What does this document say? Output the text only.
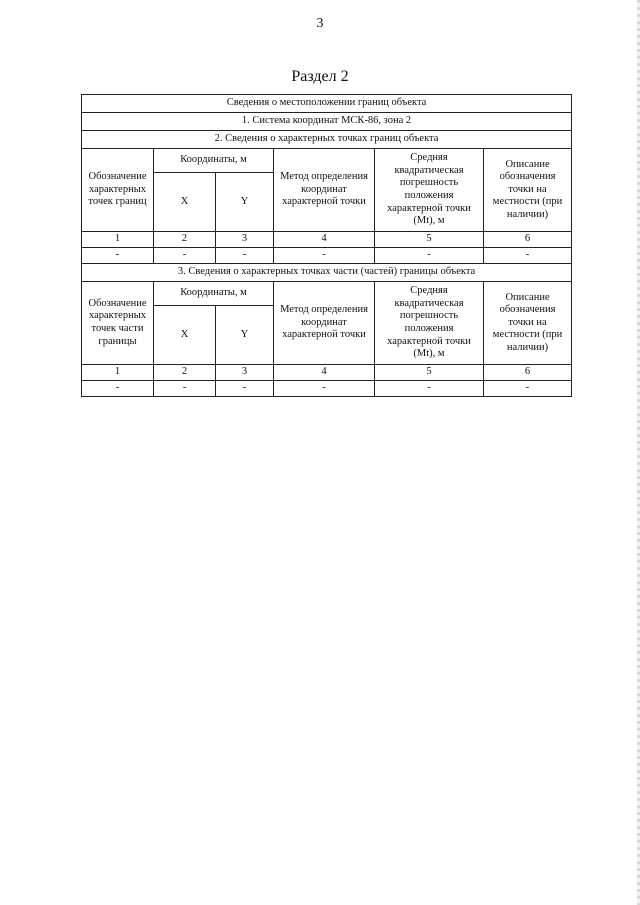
3
Раздел 2
Сведения о местоположении границ объекта					
1. Система координат МСК-86, зона 2					
2. Сведения о характерных точках границ объекта					
Обозначение характерных точек границ	Координаты, м		Метод определения координат характерной точки	Средняя квадратическая погрешность положения характерной точки (Mt), м	Описание обозначения точки на местности (при наличии)
	X	Y			
1	2	3	4	5	6
-	-	-	-	-	-
3. Сведения о характерных точках части (частей) границы объекта					
Обозначение характерных точек части границы	Координаты, м		Метод определения координат характерной точки	Средняя квадратическая погрешность положения характерной точки (Mt), м	Описание обозначения точки на местности (при наличии)
	X	Y			
1	2	3	4	5	6
-	-	-	-	-	-
